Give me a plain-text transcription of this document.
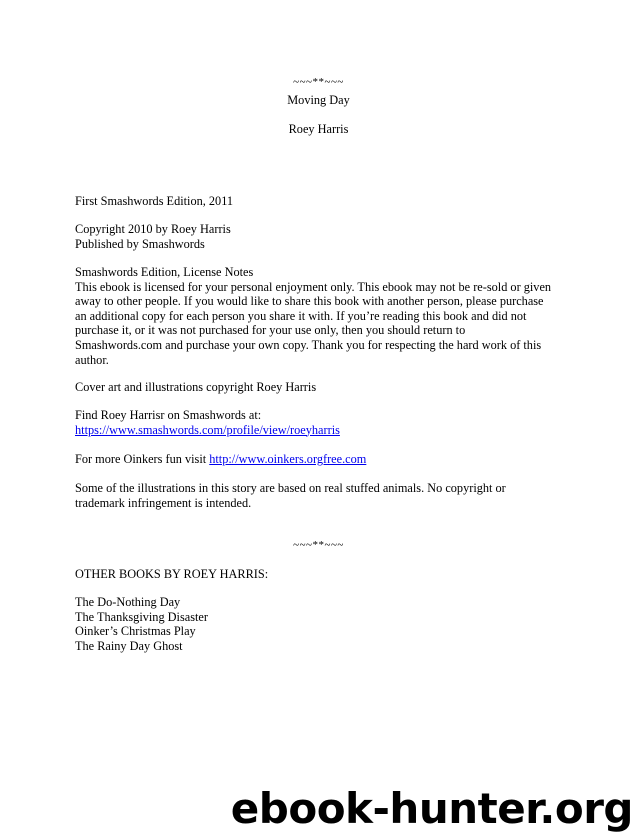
~~~**~~~
Moving Day
Roey Harris
First Smashwords Edition, 2011
Copyright 2010 by Roey Harris
Published by Smashwords
Smashwords Edition, License Notes
This ebook is licensed for your personal enjoyment only. This ebook may not be re-sold or given
away to other people. If you would like to share this book with another person, please purchase
an additional copy for each person you share it with. If you’re reading this book and did not
purchase it, or it was not purchased for your use only, then you should return to
Smashwords.com and purchase your own copy. Thank you for respecting the hard work of this
author.
Cover art and illustrations copyright Roey Harris
Find Roey Harrisr on Smashwords at:
https://www.smashwords.com/profile/view/roeyharris
For more Oinkers fun visit http://www.oinkers.orgfree.com
Some of the illustrations in this story are based on real stuffed animals. No copyright or
trademark infringement is intended.
~~~**~~~
OTHER BOOKS BY ROEY HARRIS:
The Do-Nothing Day
The Thanksgiving Disaster
Oinker’s Christmas Play
The Rainy Day Ghost
ebook-hunter.org
